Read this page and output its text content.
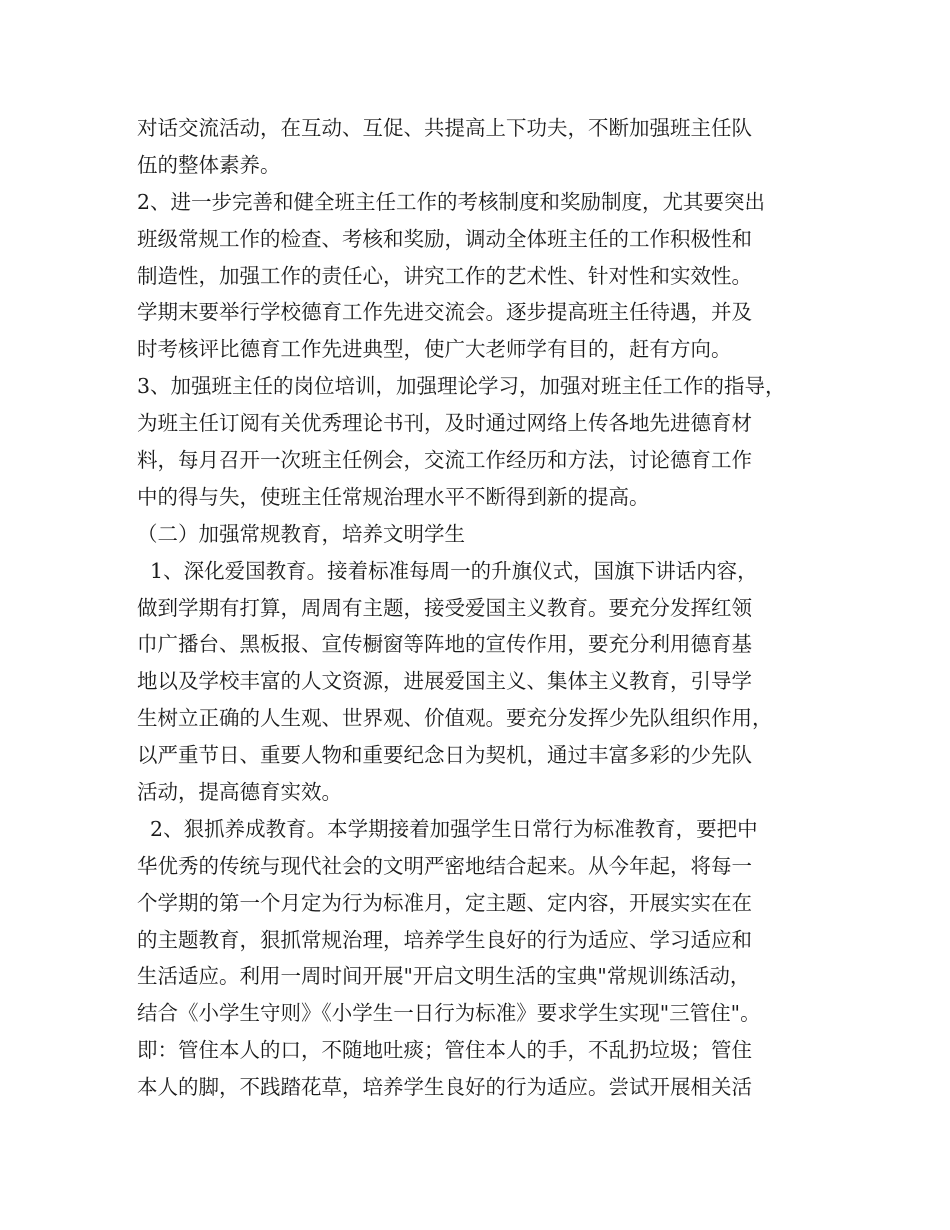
对话交流活动，在互动、互促、共提高上下功夫，不断加强班主任队
伍的整体素养。
2、进一步完善和健全班主任工作的考核制度和奖励制度，尤其要突出
班级常规工作的检查、考核和奖励，调动全体班主任的工作积极性和
制造性，加强工作的责任心，讲究工作的艺术性、针对性和实效性。
学期末要举行学校德育工作先进交流会。逐步提高班主任待遇，并及
时考核评比德育工作先进典型，使广大老师学有目的，赶有方向。
3、加强班主任的岗位培训，加强理论学习，加强对班主任工作的指导，
为班主任订阅有关优秀理论书刊，及时通过网络上传各地先进德育材
料，每月召开一次班主任例会，交流工作经历和方法，讨论德育工作
中的得与失，使班主任常规治理水平不断得到新的提高。
（二）加强常规教育，培养文明学生
1、深化爱国教育。接着标准每周一的升旗仪式，国旗下讲话内容，
做到学期有打算，周周有主题，接受爱国主义教育。要充分发挥红领
巾广播台、黑板报、宣传橱窗等阵地的宣传作用，要充分利用德育基
地以及学校丰富的人文资源，进展爱国主义、集体主义教育，引导学
生树立正确的人生观、世界观、价值观。要充分发挥少先队组织作用，
以严重节日、重要人物和重要纪念日为契机，通过丰富多彩的少先队
活动，提高德育实效。
2、狠抓养成教育。本学期接着加强学生日常行为标准教育，要把中
华优秀的传统与现代社会的文明严密地结合起来。从今年起，将每一
个学期的第一个月定为行为标准月，定主题、定内容，开展实实在在
的主题教育，狠抓常规治理，培养学生良好的行为适应、学习适应和
生活适应。利用一周时间开展"开启文明生活的宝典"常规训练活动，
结合《小学生守则》《小学生一日行为标准》要求学生实现"三管住"。
即：管住本人的口，不随地吐痰；管住本人的手，不乱扔垃圾；管住
本人的脚，不践踏花草，培养学生良好的行为适应。尝试开展相关活
